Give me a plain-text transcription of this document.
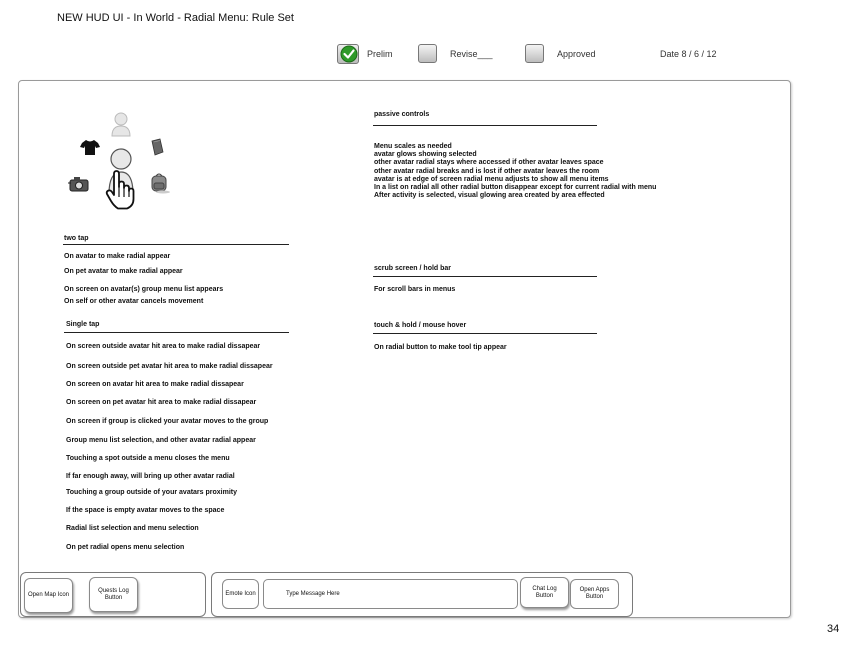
NEW HUD UI - In World - Radial Menu: Rule Set
Prelim	Revise___	Approved	Date 8 / 6 / 12
passive controls
Menu scales as needed
avatar glows showing selected
other avatar radial stays where accessed if other avatar leaves space
other avatar radial breaks and is lost if other avatar leaves the room
avatar is at edge of screen radial menu adjusts to show all menu items
In a list on radial all other radial button disappear except for current radial with menu
After activity is selected, visual glowing area created by area effected
two tap
On avatar to make radial appear
On pet avatar to make radial appear
On screen on avatar(s) group menu list appears
On self or other avatar cancels movement
scrub screen / hold bar
For scroll bars in menus
Single tap
On screen outside avatar hit area to make radial dissapear
On screen outside pet avatar hit area to make radial dissapear
On screen on avatar hit area to make radial dissapear
On screen on pet avatar hit area to make radial dissapear
On screen if group is clicked your avatar moves to the group
Group menu list selection, and other avatar radial appear
Touching a spot outside a menu closes the menu
If far enough away, will bring up other avatar radial
Touching a group outside of your avatars proximity
If the space is empty avatar moves to the space
Radial list selection and menu selection
On pet radial opens menu selection
touch & hold / mouse hover
On radial button to make tool tip appear
Open Map Icon
Quests Log Button
Emote Icon	Type Message Here
Chat Log Button
Open Apps Button
34
